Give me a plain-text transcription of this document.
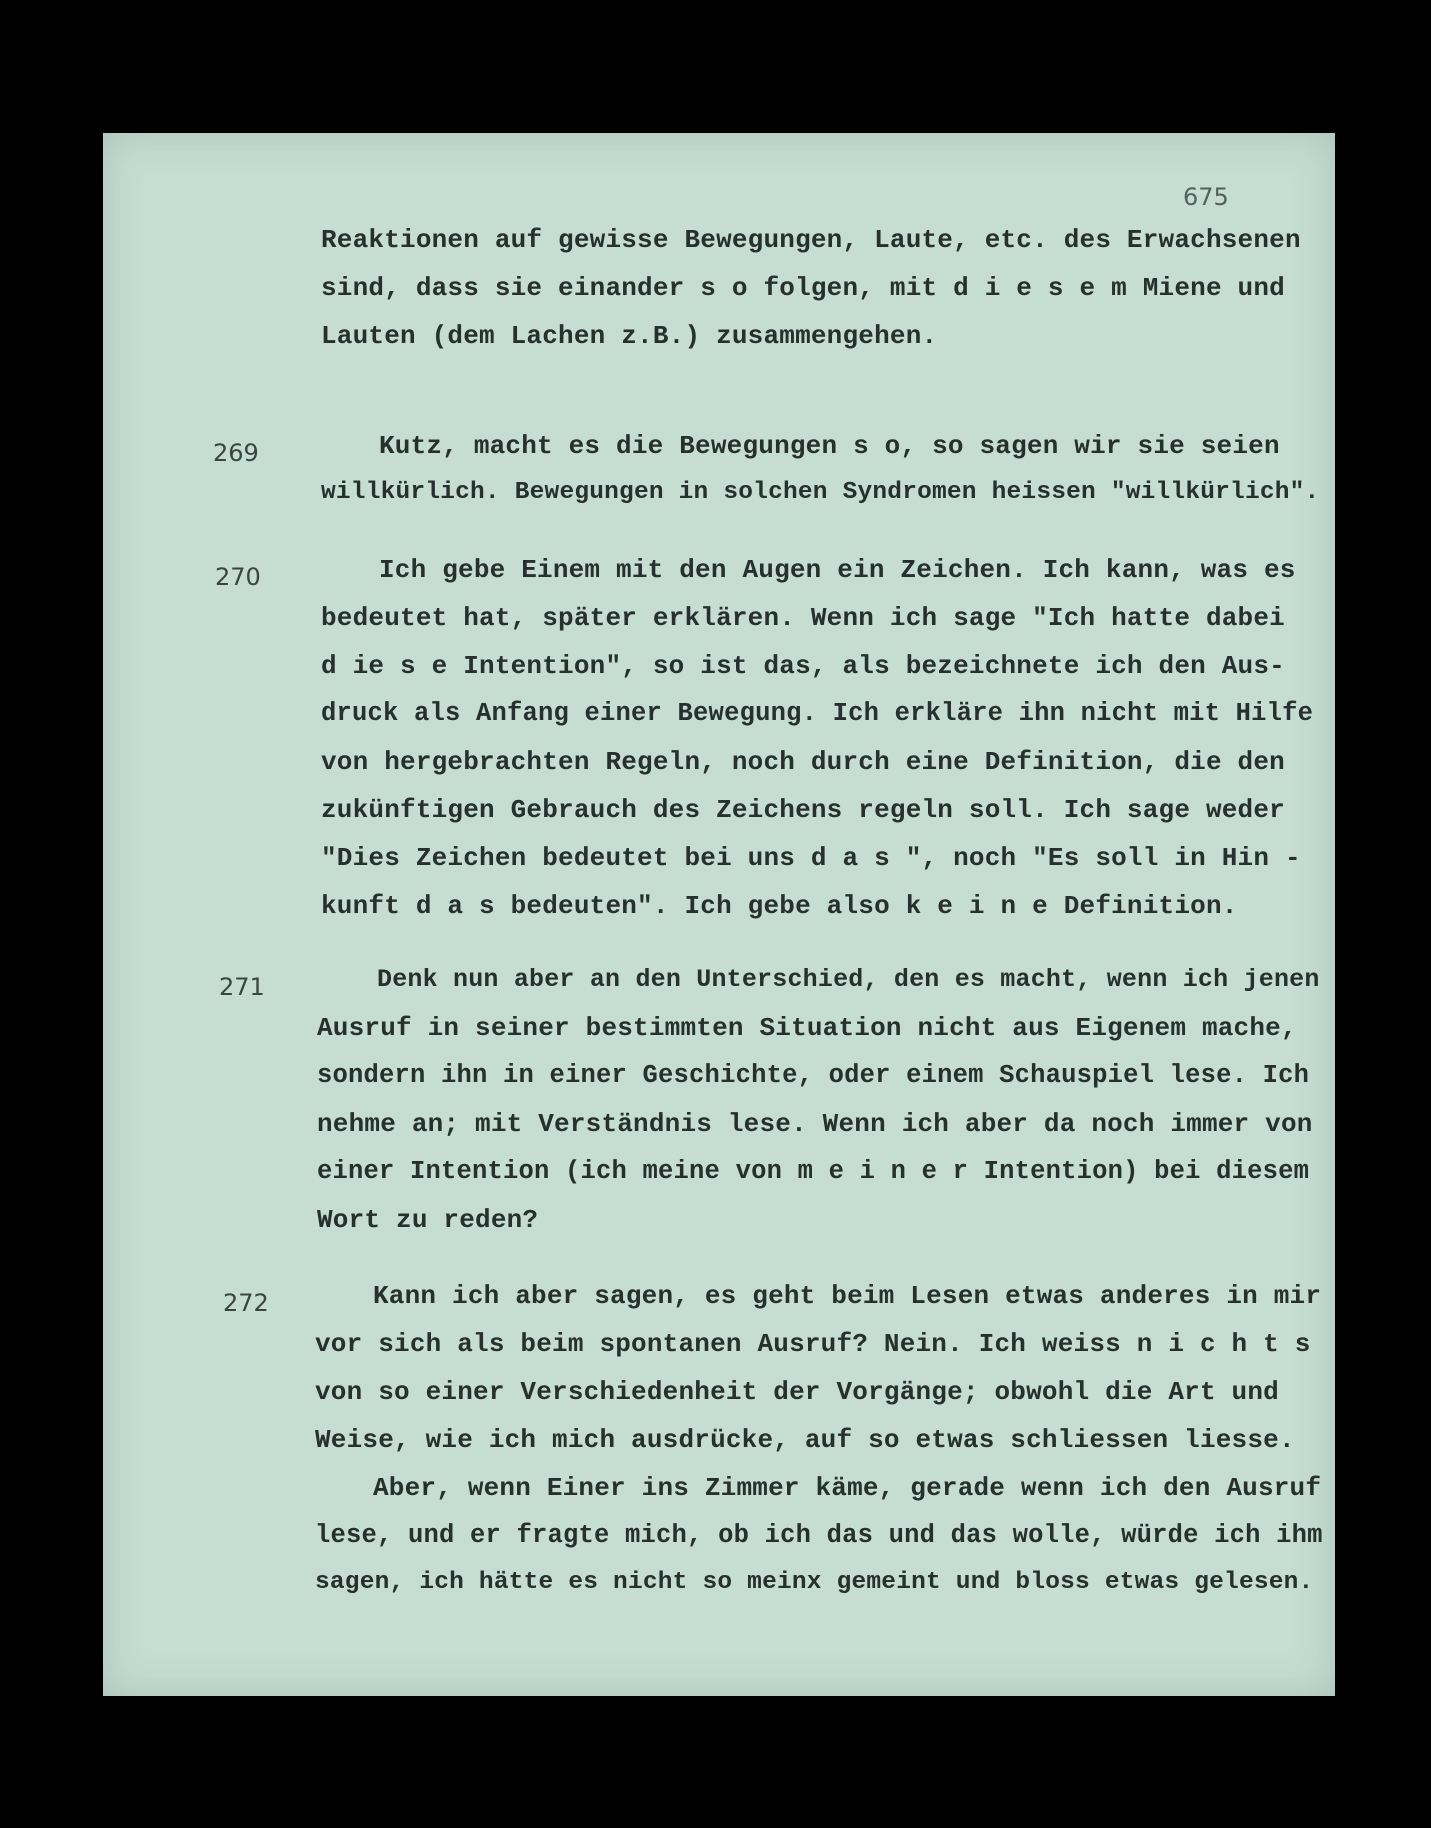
675
Reaktionen auf gewisse Bewegungen, Laute, etc. des Erwachsenen
sind, dass sie einander s o folgen, mit d i e s e m Miene und
Lauten (dem Lachen z.B.) zusammengehen.
269	Kutz, macht es die Bewegungen s o, so sagen wir sie seien
willkürlich. Bewegungen in solchen Syndromen heissen "willkürlich".
270	Ich gebe Einem mit den Augen ein Zeichen. Ich kann, was es
bedeutet hat, später erklären. Wenn ich sage "Ich hatte dabei
d ie s e Intention", so ist das, als bezeichnete ich den Aus-
druck als Anfang einer Bewegung. Ich erkläre ihn nicht mit Hilfe
von hergebrachten Regeln, noch durch eine Definition, die den
zukünftigen Gebrauch des Zeichens regeln soll. Ich sage weder
"Dies Zeichen bedeutet bei uns d a s ", noch "Es soll in Hin -
kunft d a s bedeuten". Ich gebe also k e i n e Definition.
271	Denk nun aber an den Unterschied, den es macht, wenn ich jenen
Ausruf in seiner bestimmten Situation nicht aus Eigenem mache,
sondern ihn in einer Geschichte, oder einem Schauspiel lese. Ich
nehme an; mit Verständnis lese. Wenn ich aber da noch immer von
einer Intention (ich meine von m e i n e r Intention) bei diesem
Wort zu reden?
272	Kann ich aber sagen, es geht beim Lesen etwas anderes in mir
vor sich als beim spontanen Ausruf? Nein. Ich weiss n i c h t s
von so einer Verschiedenheit der Vorgänge; obwohl die Art und
Weise, wie ich mich ausdrücke, auf so etwas schliessen liesse.
Aber, wenn Einer ins Zimmer käme, gerade wenn ich den Ausruf
lese, und er fragte mich, ob ich das und das wolle, würde ich ihm
sagen, ich hätte es nicht so meinx gemeint und bloss etwas gelesen.
